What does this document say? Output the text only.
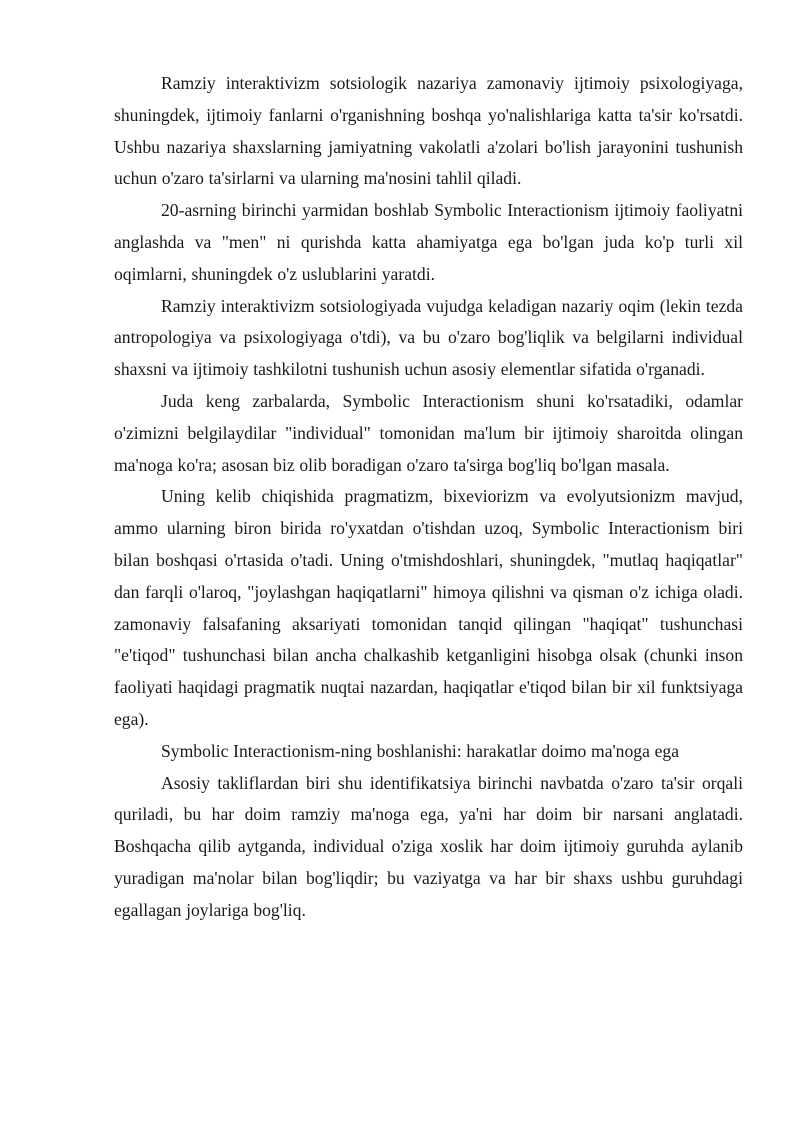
Ramziy interaktivizm sotsiologik nazariya zamonaviy ijtimoiy psixologiyaga, shuningdek, ijtimoiy fanlarni o'rganishning boshqa yo'nalishlariga katta ta'sir ko'rsatdi. Ushbu nazariya shaxslarning jamiyatning vakolatli a'zolari bo'lish jarayonini tushunish uchun o'zaro ta'sirlarni va ularning ma'nosini tahlil qiladi.

20-asrning birinchi yarmidan boshlab Symbolic Interactionism ijtimoiy faoliyatni anglashda va "men" ni qurishda katta ahamiyatga ega bo'lgan juda ko'p turli xil oqimlarni, shuningdek o'z uslublarini yaratdi.

Ramziy interaktivizm sotsiologiyada vujudga keladigan nazariy oqim (lekin tezda antropologiya va psixologiyaga o'tdi), va bu o'zaro bog'liqlik va belgilarni individual shaxsni va ijtimoiy tashkilotni tushunish uchun asosiy elementlar sifatida o'rganadi.

Juda keng zarbalarda, Symbolic Interactionism shuni ko'rsatadiki, odamlar o'zimizni belgilaydilar "individual" tomonidan ma'lum bir ijtimoiy sharoitda olingan ma'noga ko'ra; asosan biz olib boradigan o'zaro ta'sirga bog'liq bo'lgan masala.

Uning kelib chiqishida pragmatizm, bixeviorizm va evolyutsionizm mavjud, ammo ularning biron birida ro'yxatdan o'tishdan uzoq, Symbolic Interactionism biri bilan boshqasi o'rtasida o'tadi. Uning o'tmishdoshlari, shuningdek, "mutlaq haqiqatlar" dan farqli o'laroq, "joylashgan haqiqatlarni" himoya qilishni va qisman o'z ichiga oladi. zamonaviy falsafaning aksariyati tomonidan tanqid qilingan "haqiqat" tushunchasi "e'tiqod" tushunchasi bilan ancha chalkashib ketganligini hisobga olsak (chunki inson faoliyati haqidagi pragmatik nuqtai nazardan, haqiqatlar e'tiqod bilan bir xil funktsiyaga ega).

Symbolic Interactionism-ning boshlanishi: harakatlar doimo ma'noga ega

Asosiy takliflardan biri shu identifikatsiya birinchi navbatda o'zaro ta'sir orqali quriladi, bu har doim ramziy ma'noga ega, ya'ni har doim bir narsani anglatadi. Boshqacha qilib aytganda, individual o'ziga xoslik har doim ijtimoiy guruhda aylanib yuradigan ma'nolar bilan bog'liqdir; bu vaziyatga va har bir shaxs ushbu guruhdagi egallagan joylariga bog'liq.
